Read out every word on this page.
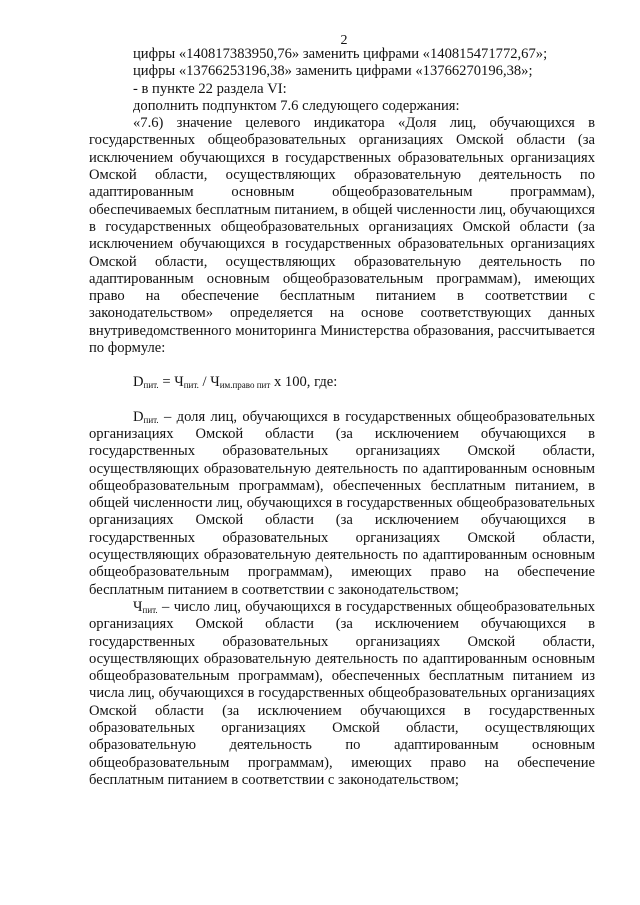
2

цифры «140817383950,76» заменить цифрами «140815471772,67»;

цифры «13766253196,38» заменить цифрами «13766270196,38»;

- в пункте 22 раздела VI:

дополнить подпунктом 7.6 следующего содержания:

«7.6) значение целевого индикатора «Доля лиц, обучающихся в государственных общеобразовательных организациях Омской области (за исключением обучающихся в государственных образовательных организациях Омской области, осуществляющих образовательную деятельность по адаптированным основным общеобразовательным программам), обеспечиваемых бесплатным питанием, в общей численности лиц, обучающихся в государственных общеобразовательных организациях Омской области (за исключением обучающихся в государственных образовательных организациях Омской области, осуществляющих образовательную деятельность по адаптированным основным общеобразовательным программам), имеющих право на обеспечение бесплатным питанием в соответствии с законодательством» определяется на основе соответствующих данных внутриведомственного мониторинга Министерства образования, рассчитывается по формуле:

$D_{пит.} = Ч_{пит.} / Ч_{им.право пит}$ х 100, где:

$D_{пит.}$ – доля лиц, обучающихся в государственных общеобразовательных организациях Омской области (за исключением обучающихся в государственных образовательных организациях Омской области, осуществляющих образовательную деятельность по адаптированным основным общеобразовательным программам), обеспеченных бесплатным питанием, в общей численности лиц, обучающихся в государственных общеобразовательных организациях Омской области (за исключением обучающихся в государственных образовательных организациях Омской области, осуществляющих образовательную деятельность по адаптированным основным общеобразовательным программам), имеющих право на обеспечение бесплатным питанием в соответствии с законодательством;

$Ч_{пит.}$ – число лиц, обучающихся в государственных общеобразовательных организациях Омской области (за исключением обучающихся в государственных образовательных организациях Омской области, осуществляющих образовательную деятельность по адаптированным основным общеобразовательным программам), обеспеченных бесплатным питанием из числа лиц, обучающихся в государственных общеобразовательных организациях Омской области (за исключением обучающихся в государственных образовательных организациях Омской области, осуществляющих образовательную деятельность по адаптированным основным общеобразовательным программам), имеющих право на обеспечение бесплатным питанием в соответствии с законодательством;
